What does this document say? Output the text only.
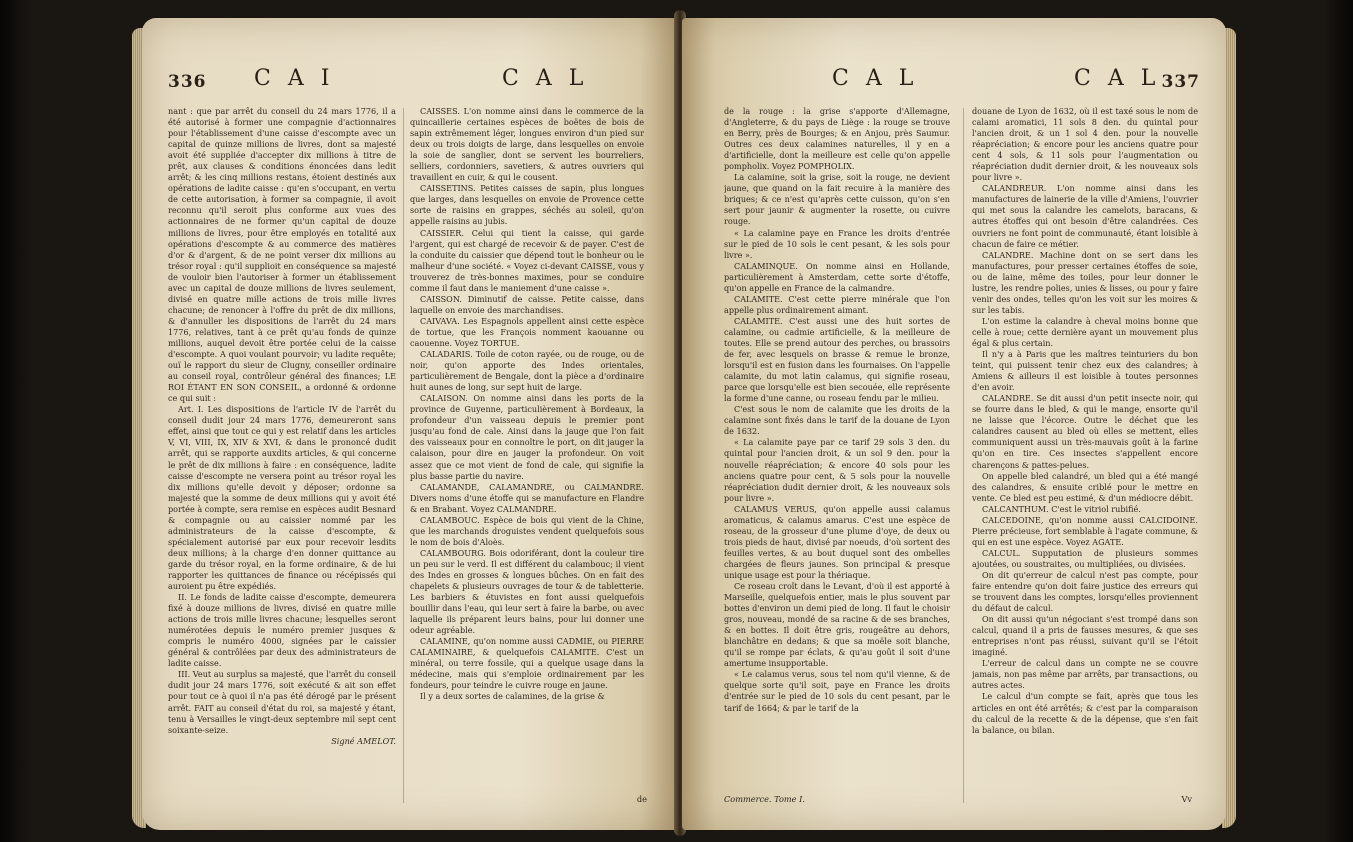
336 C A I	C A L

nant : que par arrêt du conseil du 24 mars 1776, il a été autorisé à former une compagnie d'actionnaires pour l'établissement d'une caisse d'escompte avec un capital de quinze millions de livres, dont sa majesté avoit été suppliée d'accepter dix millions à titre de prêt, aux clauses & conditions énoncées dans ledit arrêt; & les cinq millions restans, étoient destinés aux opérations de ladite caisse : qu'en s'occupant, en vertu de cette autorisation, à former sa compagnie, il avoit reconnu qu'il seroit plus conforme aux vues des actionnaires de ne former qu'un capital de douze millions de livres, pour être employés en totalité aux opérations d'escompte & au commerce des matières d'or & d'argent, & de ne point verser dix millions au trésor royal : qu'il supplioit en conséquence sa majesté de vouloir bien l'autoriser à former un établissement avec un capital de douze millions de livres seulement, divisé en quatre mille actions de trois mille livres chacune; de renoncer à l'offre du prêt de dix millions, & d'annuller les dispositions de l'arrêt du 24 mars 1776, relatives, tant à ce prêt qu'au fonds de quinze millions, auquel devoit être portée celui de la caisse d'escompte. A quoi voulant pourvoir; vu ladite requête; ouï le rapport du sieur de Clugny, conseiller ordinaire au conseil royal, contrôleur général des finances; LE ROI ÉTANT EN SON CONSEIL, a ordonné & ordonne ce qui suit :

Art. I. Les dispositions de l'article IV de l'arrêt du conseil dudit jour 24 mars 1776, demeureront sans effet, ainsi que tout ce qui y est relatif dans les articles V, VI, VIII, IX, XIV & XVI, & dans le prononcé dudit arrêt, qui se rapporte auxdits articles, & qui concerne le prêt de dix millions à faire : en conséquence, ladite caisse d'escompte ne versera point au trésor royal les dix millions qu'elle devoit y déposer; ordonne sa majesté que la somme de deux millions qui y avoit été portée à compte, sera remise en espèces audit Besnard & compagnie ou au caissier nommé par les administrateurs de la caisse d'escompte, & spécialement autorisé par eux pour recevoir lesdits deux millions; à la charge d'en donner quittance au garde du trésor royal, en la forme ordinaire, & de lui rapporter les quittances de finance ou récépissés qui auroient pu être expédiés.

II. Le fonds de ladite caisse d'escompte, demeurera fixé à douze millions de livres, divisé en quatre mille actions de trois mille livres chacune; lesquelles seront numérotées depuis le numéro premier jusques & compris le numéro 4000, signées par le caissier général & contrôlées par deux des administrateurs de ladite caisse.

III. Veut au surplus sa majesté, que l'arrêt du conseil dudit jour 24 mars 1776, soit exécuté & ait son effet pour tout ce à quoi il n'a pas été dérogé par le présent arrêt. FAIT au conseil d'état du roi, sa majesté y étant, tenu à Versailles le vingt-deux septembre mil sept cent soixante-seize.

Signé AMELOT.

CAISSES. L'on nomme ainsi dans le commerce de la quincaillerie certaines espèces de boëtes de bois de sapin extrêmement léger, longues environ d'un pied sur deux ou trois doigts de large, dans lesquelles on envoie la soie de sanglier, dont se servent les bourreliers, selliers, cordonniers, savetiers, & autres ouvriers qui travaillent en cuir, & qui le cousent.

CAISSETINS. Petites caisses de sapin, plus longues que larges, dans lesquelles on envoie de Provence cette sorte de raisins en grappes, séchés au soleil, qu'on appelle raisins au jubis.

CAISSIER. Celui qui tient la caisse, qui garde l'argent, qui est chargé de recevoir & de payer. C'est de la conduite du caissier que dépend tout le bonheur ou le malheur d'une société. « Voyez ci-devant CAISSE, vous y trouverez de très-bonnes maximes, pour se conduire comme il faut dans le maniement d'une caisse ».

CAISSON. Diminutif de caisse. Petite caisse, dans laquelle on envoie des marchandises.

CAIVAVA. Les Espagnols appellent ainsi cette espèce de tortue, que les François nomment kaouanne ou caouenne. Voyez TORTUE.

CALADARIS. Toile de coton rayée, ou de rouge, ou de noir, qu'on apporte des Indes orientales, particulièrement de Bengale, dont la pièce a d'ordinaire huit aunes de long, sur sept huit de large.

CALAISON. On nomme ainsi dans les ports de la province de Guyenne, particulièrement à Bordeaux, la profondeur d'un vaisseau depuis le premier pont jusqu'au fond de cale. Ainsi dans la jauge que l'on fait des vaisseaux pour en connoître le port, on dit jauger la calaison, pour dire en jauger la profondeur. On voit assez que ce mot vient de fond de cale, qui signifie la plus basse partie du navire.

CALAMANDE, CALAMANDRE, ou CALMANDRE. Divers noms d'une étoffe qui se manufacture en Flandre & en Brabant. Voyez CALMANDRE.

CALAMBOUC. Espèce de bois qui vient de la Chine, que les marchands droguistes vendent quelquefois sous le nom de bois d'Aloès.

CALAMBOURG. Bois odoriférant, dont la couleur tire un peu sur le verd. Il est différent du calambouc; il vient des Indes en grosses & longues bûches. On en fait des chapelets & plusieurs ouvrages de tour & de tabletterie. Les barbiers & étuvistes en font aussi quelquefois bouillir dans l'eau, qui leur sert à faire la barbe, ou avec laquelle ils préparent leurs bains, pour lui donner une odeur agréable.

CALAMINE, qu'on nomme aussi CADMIE, ou PIERRE CALAMINAIRE, & quelquefois CALAMITE. C'est un minéral, ou terre fossile, qui a quelque usage dans la médecine, mais qui s'emploie ordinairement par les fondeurs, pour teindre le cuivre rouge en jaune.

Il y a deux sortes de calamines, de la grise &

de
C A L	C A L 337

de la rouge : la grise s'apporte d'Allemagne, d'Angleterre, & du pays de Liège : la rouge se trouve en Berry, près de Bourges; & en Anjou, près Saumur. Outres ces deux calamines naturelles, il y en a d'artificielle, dont la meilleure est celle qu'on appelle pompholix. Voyez POMPHOLIX.

La calamine, soit la grise, soit la rouge, ne devient jaune, que quand on la fait recuire à la manière des briques; & ce n'est qu'après cette cuisson, qu'on s'en sert pour jaunir & augmenter la rosette, ou cuivre rouge.

« La calamine paye en France les droits d'entrée sur le pied de 10 sols le cent pesant, & les sols pour livre ».

CALAMINQUE. On nomme ainsi en Hollande, particulièrement à Amsterdam, cette sorte d'étoffe, qu'on appelle en France de la calmandre.

CALAMITE. C'est cette pierre minérale que l'on appelle plus ordinairement aimant.

CALAMITE. C'est aussi une des huit sortes de calamine, ou cadmie artificielle, & la meilleure de toutes. Elle se prend autour des perches, ou brassoirs de fer, avec lesquels on brasse & remue le bronze, lorsqu'il est en fusion dans les fournaises. On l'appelle calamite, du mot latin calamus, qui signifie roseau, parce que lorsqu'elle est bien secouée, elle représente la forme d'une canne, ou roseau fendu par le milieu.

C'est sous le nom de calamite que les droits de la calamine sont fixés dans le tarif de la douane de Lyon de 1632.

« La calamite paye par ce tarif 29 sols 3 den. du quintal pour l'ancien droit, & un sol 9 den. pour la nouvelle réapréciation; & encore 40 sols pour les anciens quatre pour cent, & 5 sols pour la nouvelle réapréciation dudit dernier droit, & les nouveaux sols pour livre ».

CALAMUS VERUS, qu'on appelle aussi calamus aromaticus, & calamus amarus. C'est une espèce de roseau, de la grosseur d'une plume d'oye, de deux ou trois pieds de haut, divisé par noeuds, d'où sortent des feuilles vertes, & au bout duquel sont des ombelles chargées de fleurs jaunes. Son principal & presque unique usage est pour la thériaque.

Ce roseau croît dans le Levant, d'où il est apporté à Marseille, quelquefois entier, mais le plus souvent par bottes d'environ un demi pied de long. Il faut le choisir gros, nouveau, mondé de sa racine & de ses branches, & en bottes. Il doit être gris, rougeâtre au dehors, blanchâtre en dedans; & que sa moële soit blanche, qu'il se rompe par éclats, & qu'au goût il soit d'une amertume insupportable.

« Le calamus verus, sous tel nom qu'il vienne, & de quelque sorte qu'il soit, paye en France les droits d'entrée sur le pied de 10 sols du cent pesant, par le tarif de 1664; & par le tarif de la

Commerce. Tome I.

douane de Lyon de 1632, où il est taxé sous le nom de calami aromatici, 11 sols 8 den. du quintal pour l'ancien droit, & un 1 sol 4 den. pour la nouvelle réapréciation; & encore pour les anciens quatre pour cent 4 sols, & 11 sols pour l'augmentation ou réapréciation dudit dernier droit, & les nouveaux sols pour livre ».

CALANDREUR. L'on nomme ainsi dans les manufactures de lainerie de la ville d'Amiens, l'ouvrier qui met sous la calandre les camelots, baracans, & autres étoffes qui ont besoin d'être calandrées. Ces ouvriers ne font point de communauté, étant loisible à chacun de faire ce métier.

CALANDRE. Machine dont on se sert dans les manufactures, pour presser certaines étoffes de soie, ou de laine, même des toiles, pour leur donner le lustre, les rendre polies, unies & lisses, ou pour y faire venir des ondes, telles qu'on les voit sur les moires & sur les tabis.

L'on estime la calandre à cheval moins bonne que celle à roue; cette dernière ayant un mouvement plus égal & plus certain.

Il n'y a à Paris que les maîtres teinturiers du bon teint, qui puissent tenir chez eux des calandres; à Amiens & ailleurs il est loisible à toutes personnes d'en avoir.

CALANDRE. Se dit aussi d'un petit insecte noir, qui se fourre dans le bled, & qui le mange, ensorte qu'il ne laisse que l'écorce. Outre le déchet que les calandres causent au bled où elles se mettent, elles communiquent aussi un très-mauvais goût à la farine qu'on en tire. Ces insectes s'appellent encore charençons & pattes-pelues.

On appelle bled calandré, un bled qui a été mangé des calandres, & ensuite criblé pour le mettre en vente. Ce bled est peu estimé, & d'un médiocre débit.

CALCANTHUM. C'est le vitriol rubifié.

CALCEDOINE, qu'on nomme aussi CALCIDOINE. Pierre précieuse, fort semblable à l'agate commune, & qui en est une espèce. Voyez AGATE.

CALCUL. Supputation de plusieurs sommes ajoutées, ou soustraites, ou multipliées, ou divisées.

On dit qu'erreur de calcul n'est pas compte, pour faire entendre qu'on doit faire justice des erreurs qui se trouvent dans les comptes, lorsqu'elles proviennent du défaut de calcul.

On dit aussi qu'un négociant s'est trompé dans son calcul, quand il a pris de fausses mesures, & que ses entreprises n'ont pas réussi, suivant qu'il se l'étoit imaginé.

L'erreur de calcul dans un compte ne se couvre jamais, non pas même par arrêts, par transactions, ou autres actes.

Le calcul d'un compte se fait, après que tous les articles en ont été arrêtés; & c'est par la comparaison du calcul de la recette & de la dépense, que s'en fait la balance, ou bilan.

Vv
